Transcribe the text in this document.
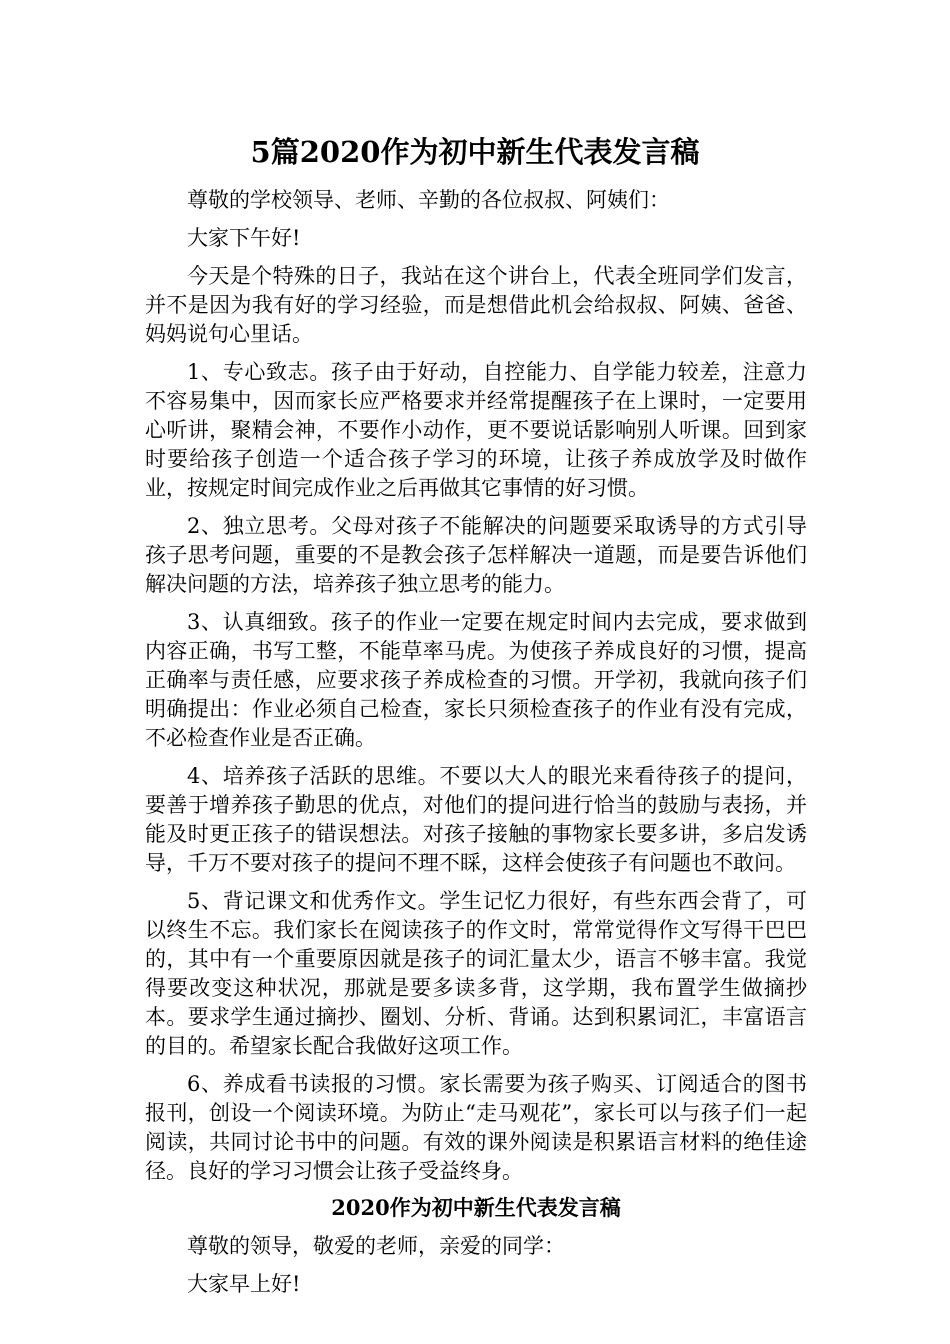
5篇2020作为初中新生代表发言稿

尊敬的学校领导、老师、辛勤的各位叔叔、阿姨们：

大家下午好!

今天是个特殊的日子，我站在这个讲台上，代表全班同学们发言，并不是因为我有好的学习经验，而是想借此机会给叔叔、阿姨、爸爸、妈妈说句心里话。

1、专心致志。孩子由于好动，自控能力、自学能力较差，注意力不容易集中，因而家长应严格要求并经常提醒孩子在上课时，一定要用心听讲，聚精会神，不要作小动作，更不要说话影响别人听课。回到家时要给孩子创造一个适合孩子学习的环境，让孩子养成放学及时做作业，按规定时间完成作业之后再做其它事情的好习惯。

2、独立思考。父母对孩子不能解决的问题要采取诱导的方式引导孩子思考问题，重要的不是教会孩子怎样解决一道题，而是要告诉他们解决问题的方法，培养孩子独立思考的能力。

3、认真细致。孩子的作业一定要在规定时间内去完成，要求做到内容正确，书写工整，不能草率马虎。为使孩子养成良好的习惯，提高正确率与责任感，应要求孩子养成检查的习惯。开学初，我就向孩子们明确提出：作业必须自己检查，家长只须检查孩子的作业有没有完成，不必检查作业是否正确。

4、培养孩子活跃的思维。不要以大人的眼光来看待孩子的提问，要善于增养孩子勤思的优点，对他们的提问进行恰当的鼓励与表扬，并能及时更正孩子的错误想法。对孩子接触的事物家长要多讲，多启发诱导，千万不要对孩子的提问不理不睬，这样会使孩子有问题也不敢问。

5、背记课文和优秀作文。学生记忆力很好，有些东西会背了，可以终生不忘。我们家长在阅读孩子的作文时，常常觉得作文写得干巴巴的，其中有一个重要原因就是孩子的词汇量太少，语言不够丰富。我觉得要改变这种状况，那就是要多读多背，这学期，我布置学生做摘抄本。要求学生通过摘抄、圈划、分析、背诵。达到积累词汇，丰富语言的目的。希望家长配合我做好这项工作。

6、养成看书读报的习惯。家长需要为孩子购买、订阅适合的图书报刊，创设一个阅读环境。为防止“走马观花”，家长可以与孩子们一起阅读，共同讨论书中的问题。有效的课外阅读是积累语言材料的绝佳途径。良好的学习习惯会让孩子受益终身。

2020作为初中新生代表发言稿

尊敬的领导，敬爱的老师，亲爱的同学：

大家早上好!
